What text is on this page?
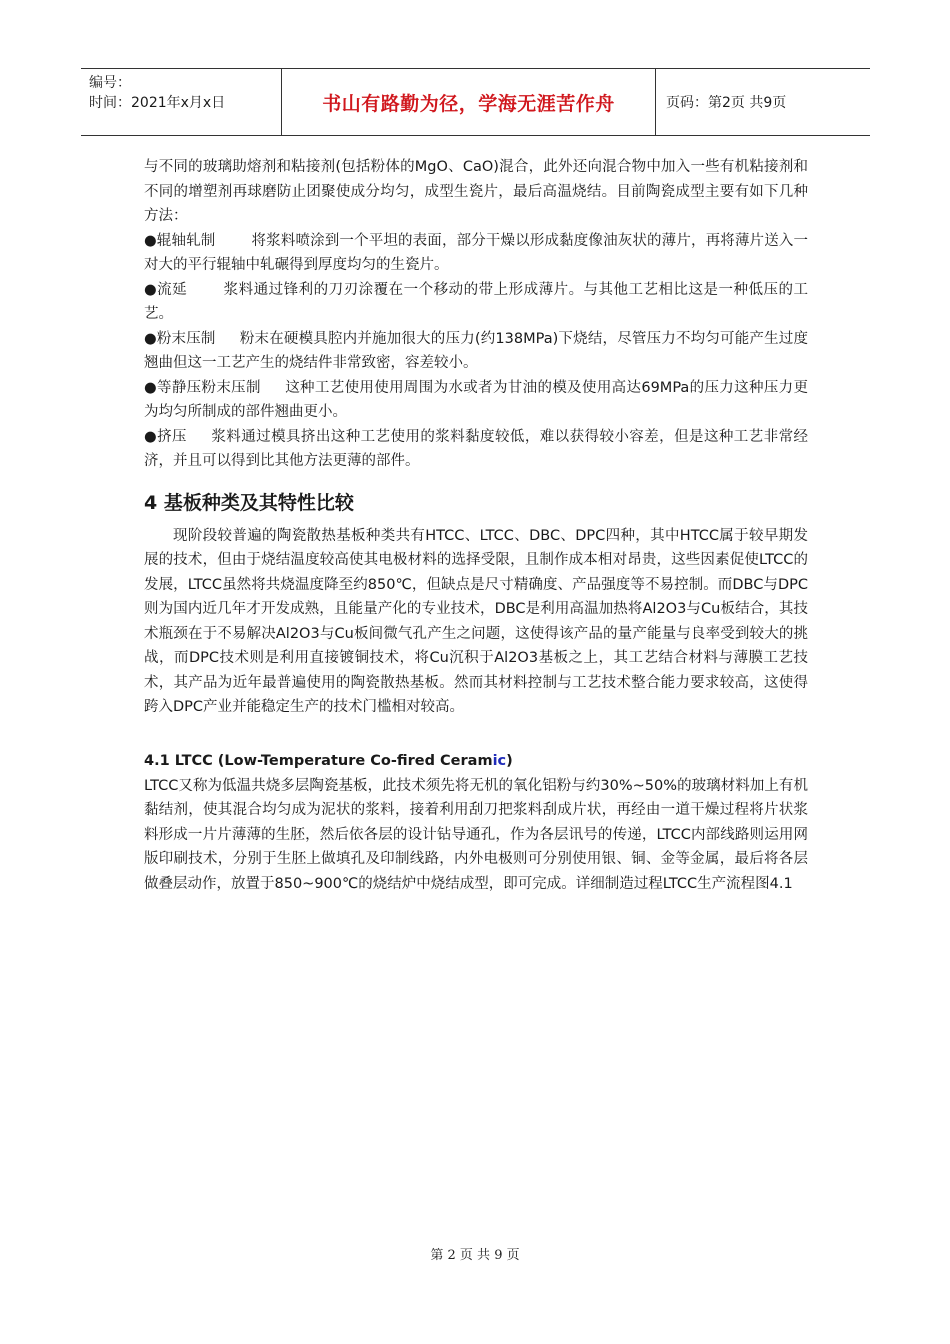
编号：
时间：2021年x月x日	书山有路勤为径，学海无涯苦作舟	页码：第2页 共9页

与不同的玻璃助熔剂和粘接剂(包括粉体的MgO、CaO)混合，此外还向混合物中加入一些有机粘接剂和不同的增塑剂再球磨防止团聚使成分均匀，成型生瓷片，最后高温烧结。目前陶瓷成型主要有如下几种方法：

●辊轴轧制 将浆料喷涂到一个平坦的表面，部分干燥以形成黏度像油灰状的薄片，再将薄片送入一对大的平行辊轴中轧碾得到厚度均匀的生瓷片。

●流延 浆料通过锋利的刀刃涂覆在一个移动的带上形成薄片。与其他工艺相比这是一种低压的工艺。

●粉末压制 粉末在硬模具腔内并施加很大的压力(约138MPa)下烧结，尽管压力不均匀可能产生过度翘曲但这一工艺产生的烧结件非常致密，容差较小。

●等静压粉末压制 这种工艺使用使用周围为水或者为甘油的模及使用高达69MPa的压力这种压力更为均匀所制成的部件翘曲更小。

●挤压 浆料通过模具挤出这种工艺使用的浆料黏度较低，难以获得较小容差，但是这种工艺非常经济，并且可以得到比其他方法更薄的部件。

4 基板种类及其特性比较

现阶段较普遍的陶瓷散热基板种类共有HTCC、LTCC、DBC、DPC四种，其中HTCC属于较早期发展的技术，但由于烧结温度较高使其电极材料的选择受限，且制作成本相对昂贵，这些因素促使LTCC的发展，LTCC虽然将共烧温度降至约850℃，但缺点是尺寸精确度、产品强度等不易控制。而DBC与DPC则为国内近几年才开发成熟，且能量产化的专业技术，DBC是利用高温加热将Al2O3与Cu板结合，其技术瓶颈在于不易解决Al2O3与Cu板间微气孔产生之问题，这使得该产品的量产能量与良率受到较大的挑战，而DPC技术则是利用直接镀铜技术，将Cu沉积于Al2O3基板之上，其工艺结合材料与薄膜工艺技术，其产品为近年最普遍使用的陶瓷散热基板。然而其材料控制与工艺技术整合能力要求较高，这使得跨入DPC产业并能稳定生产的技术门槛相对较高。

4.1 LTCC (Low-Temperature Co-fired Ceramic)

LTCC又称为低温共烧多层陶瓷基板，此技术须先将无机的氧化铝粉与约30%~50%的玻璃材料加上有机黏结剂，使其混合均匀成为泥状的浆料，接着利用刮刀把浆料刮成片状，再经由一道干燥过程将片状浆料形成一片片薄薄的生胚，然后依各层的设计钻导通孔，作为各层讯号的传递，LTCC内部线路则运用网版印刷技术，分别于生胚上做填孔及印制线路，内外电极则可分别使用银、铜、金等金属，最后将各层做叠层动作，放置于850~900℃的烧结炉中烧结成型，即可完成。详细制造过程LTCC生产流程图4.1

第 2 页 共 9 页
